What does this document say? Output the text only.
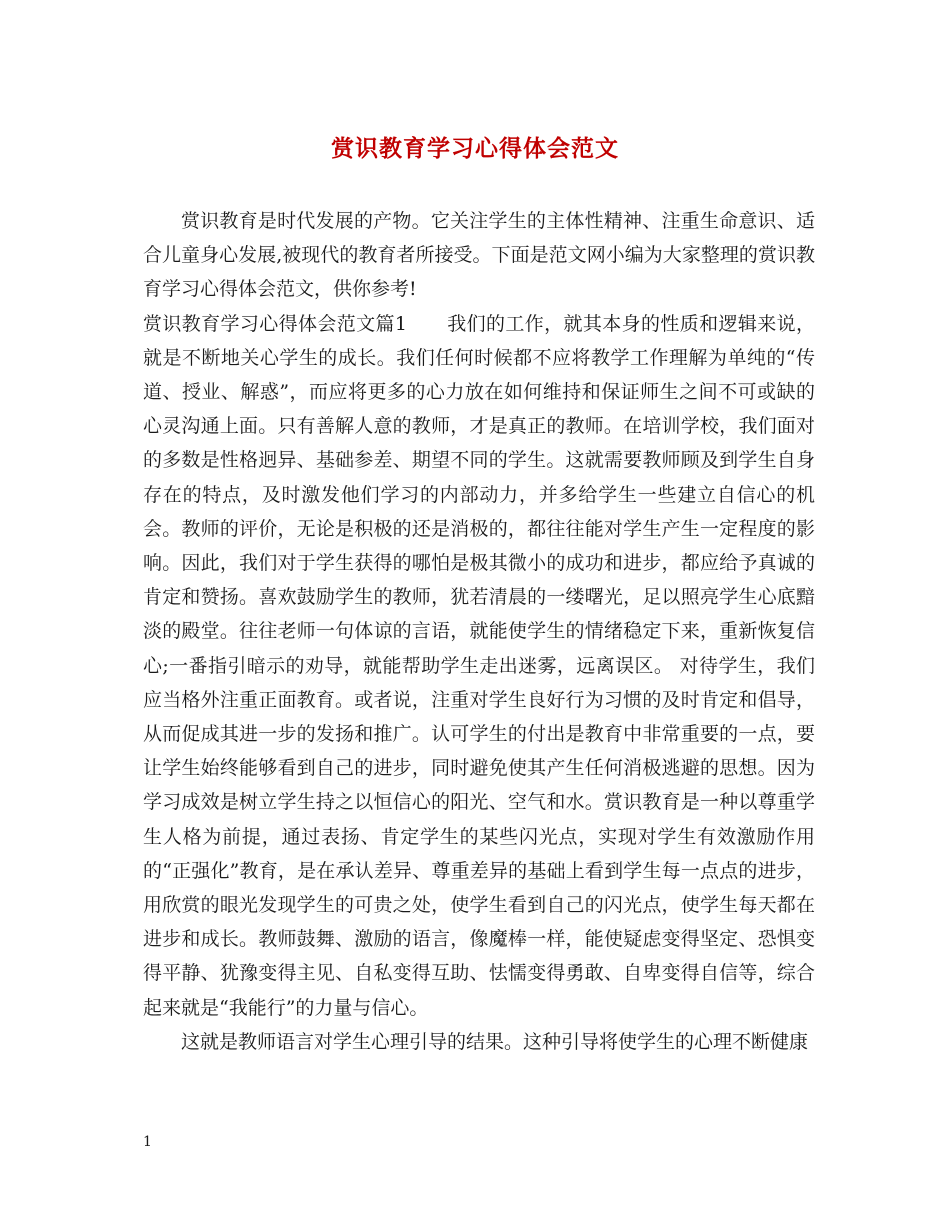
赏识教育学习心得体会范文

赏识教育是时代发展的产物。它关注学生的主体性精神、注重生命意识、适合儿童身心发展,被现代的教育者所接受。下面是范文网小编为大家整理的赏识教育学习心得体会范文，供你参考!

赏识教育学习心得体会范文篇1 我们的工作，就其本身的性质和逻辑来说，就是不断地关心学生的成长。我们任何时候都不应将教学工作理解为单纯的“传道、授业、解惑”，而应将更多的心力放在如何维持和保证师生之间不可或缺的心灵沟通上面。只有善解人意的教师，才是真正的教师。在培训学校，我们面对的多数是性格迥异、基础参差、期望不同的学生。这就需要教师顾及到学生自身存在的特点，及时激发他们学习的内部动力，并多给学生一些建立自信心的机会。教师的评价，无论是积极的还是消极的，都往往能对学生产生一定程度的影响。因此，我们对于学生获得的哪怕是极其微小的成功和进步，都应给予真诚的肯定和赞扬。喜欢鼓励学生的教师，犹若清晨的一缕曙光，足以照亮学生心底黯淡的殿堂。往往老师一句体谅的言语，就能使学生的情绪稳定下来，重新恢复信心;一番指引暗示的劝导，就能帮助学生走出迷雾，远离误区。 对待学生，我们应当格外注重正面教育。或者说，注重对学生良好行为习惯的及时肯定和倡导，从而促成其进一步的发扬和推广。认可学生的付出是教育中非常重要的一点，要让学生始终能够看到自己的进步，同时避免使其产生任何消极逃避的思想。因为学习成效是树立学生持之以恒信心的阳光、空气和水。赏识教育是一种以尊重学生人格为前提，通过表扬、肯定学生的某些闪光点，实现对学生有效激励作用的“正强化”教育，是在承认差异、尊重差异的基础上看到学生每一点点的进步，用欣赏的眼光发现学生的可贵之处，使学生看到自己的闪光点，使学生每天都在进步和成长。教师鼓舞、激励的语言，像魔棒一样，能使疑虑变得坚定、恐惧变得平静、犹豫变得主见、自私变得互助、怯懦变得勇敢、自卑变得自信等，综合起来就是“我能行”的力量与信心。

这就是教师语言对学生心理引导的结果。这种引导将使学生的心理不断健康

1
